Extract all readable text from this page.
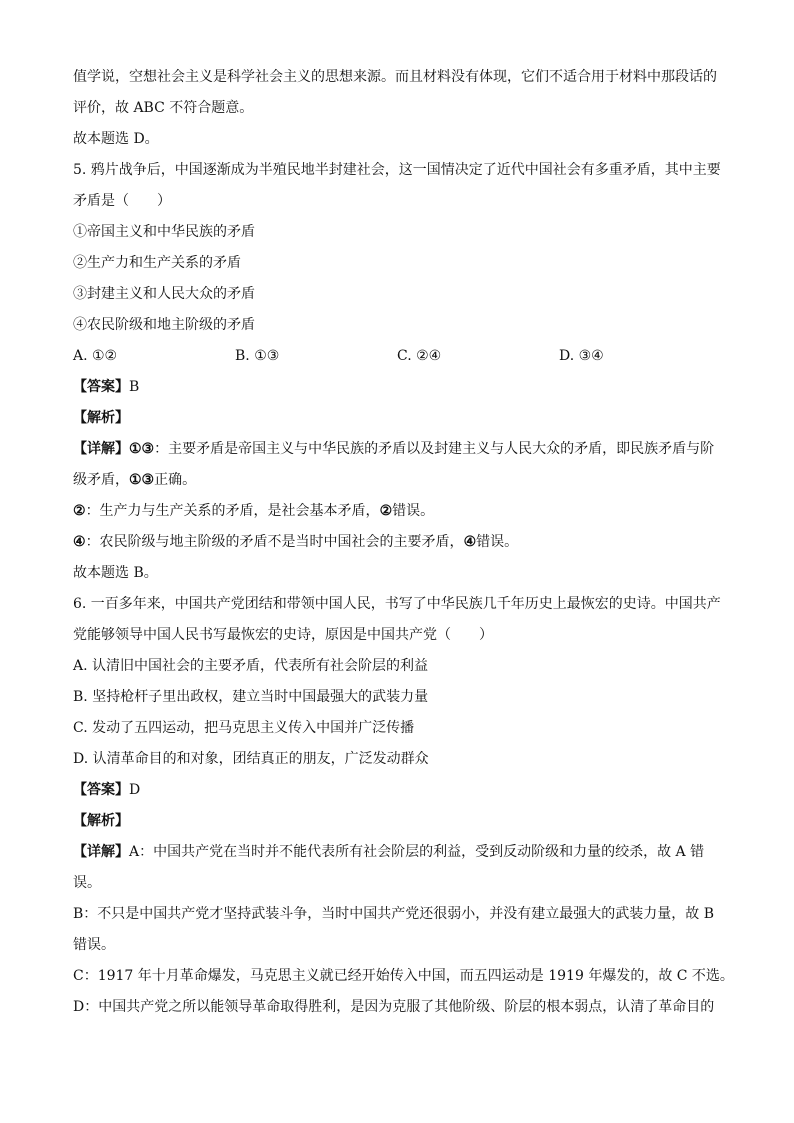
值学说，空想社会主义是科学社会主义的思想来源。而且材料没有体现，它们不适合用于材料中那段话的
评价，故 ABC 不符合题意。
故本题选 D。
5. 鸦片战争后，中国逐渐成为半殖民地半封建社会，这一国情决定了近代中国社会有多重矛盾，其中主要
矛盾是（　　）
①帝国主义和中华民族的矛盾
②生产力和生产关系的矛盾
③封建主义和人民大众的矛盾
④农民阶级和地主阶级的矛盾
A. ①②	B. ①③	C. ②④	D. ③④
【答案】B
【解析】
【详解】①③：主要矛盾是帝国主义与中华民族的矛盾以及封建主义与人民大众的矛盾，即民族矛盾与阶
级矛盾，①③正确。
②：生产力与生产关系的矛盾，是社会基本矛盾，②错误。
④：农民阶级与地主阶级的矛盾不是当时中国社会的主要矛盾，④错误。
故本题选 B。
6. 一百多年来，中国共产党团结和带领中国人民，书写了中华民族几千年历史上最恢宏的史诗。中国共产
党能够领导中国人民书写最恢宏的史诗，原因是中国共产党（　　）
A. 认清旧中国社会的主要矛盾，代表所有社会阶层的利益
B. 坚持枪杆子里出政权，建立当时中国最强大的武装力量
C. 发动了五四运动，把马克思主义传入中国并广泛传播
D. 认清革命目的和对象，团结真正的朋友，广泛发动群众
【答案】D
【解析】
【详解】A：中国共产党在当时并不能代表所有社会阶层的利益，受到反动阶级和力量的绞杀，故 A 错
误。
B：不只是中国共产党才坚持武装斗争，当时中国共产党还很弱小，并没有建立最强大的武装力量，故 B
错误。
C：1917 年十月革命爆发，马克思主义就已经开始传入中国，而五四运动是 1919 年爆发的，故 C 不选。
D：中国共产党之所以能领导革命取得胜利，是因为克服了其他阶级、阶层的根本弱点，认清了革命目的
